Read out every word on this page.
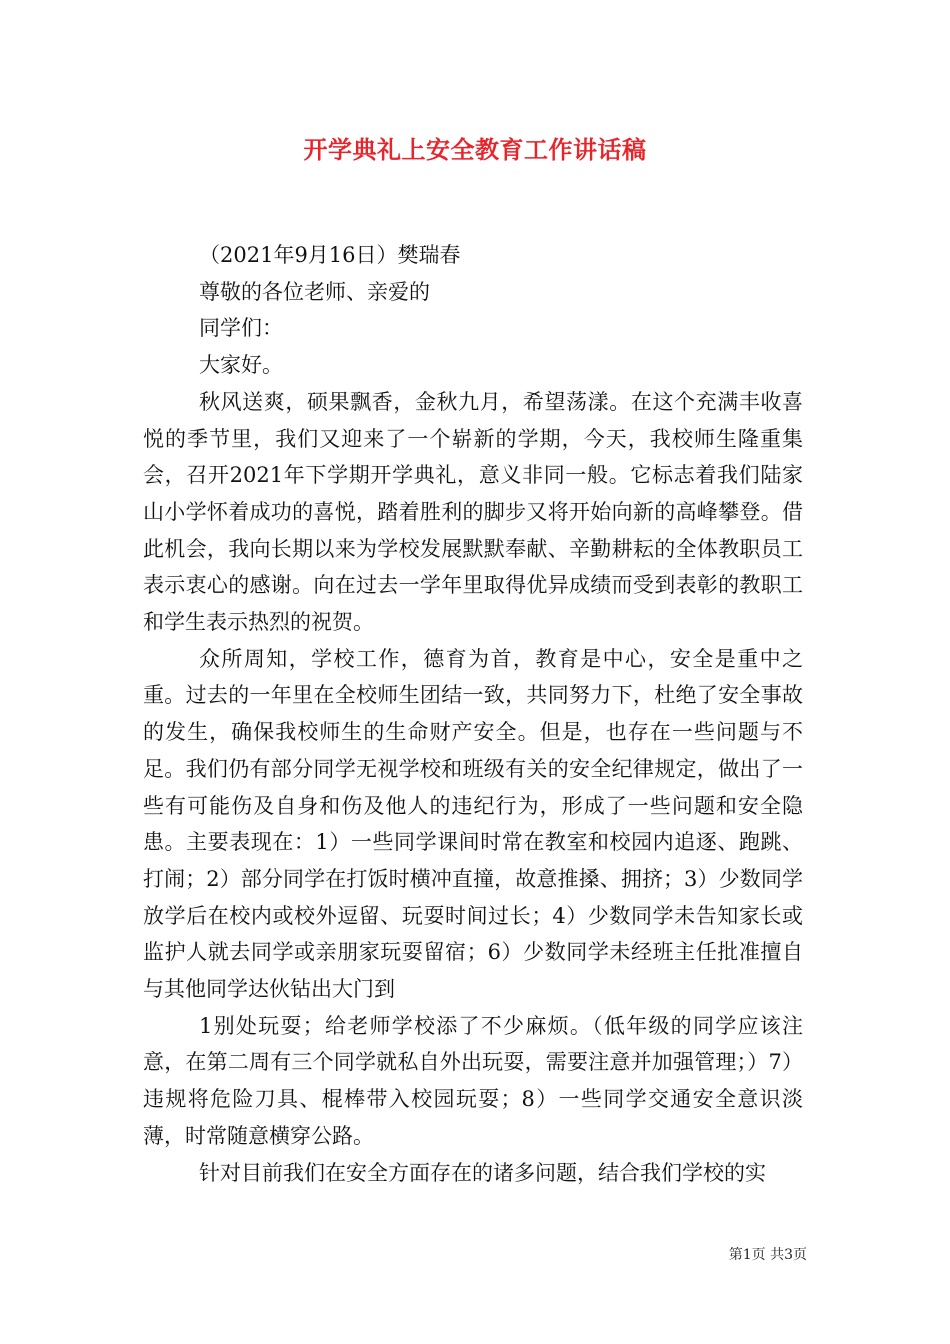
开学典礼上安全教育工作讲话稿

（2021年9月16日）樊瑞春

尊敬的各位老师、亲爱的

同学们：

大家好。

秋风送爽，硕果飘香，金秋九月，希望荡漾。在这个充满丰收喜悦的季节里，我们又迎来了一个崭新的学期，今天，我校师生隆重集会，召开2021年下学期开学典礼，意义非同一般。它标志着我们陆家山小学怀着成功的喜悦，踏着胜利的脚步又将开始向新的高峰攀登。借此机会，我向长期以来为学校发展默默奉献、辛勤耕耘的全体教职员工表示衷心的感谢。向在过去一学年里取得优异成绩而受到表彰的教职工和学生表示热烈的祝贺。

众所周知，学校工作，德育为首，教育是中心，安全是重中之重。过去的一年里在全校师生团结一致，共同努力下，杜绝了安全事故的发生，确保我校师生的生命财产安全。但是，也存在一些问题与不足。我们仍有部分同学无视学校和班级有关的安全纪律规定，做出了一些有可能伤及自身和伤及他人的违纪行为，形成了一些问题和安全隐患。主要表现在：1）一些同学课间时常在教室和校园内追逐、跑跳、打闹；2）部分同学在打饭时横冲直撞，故意推搡、拥挤；3）少数同学放学后在校内或校外逗留、玩耍时间过长；4）少数同学未告知家长或监护人就去同学或亲朋家玩耍留宿；6）少数同学未经班主任批准擅自与其他同学达伙钻出大门到

1别处玩耍；给老师学校添了不少麻烦。（低年级的同学应该注意，在第二周有三个同学就私自外出玩耍，需要注意并加强管理；）7）违规将危险刀具、棍棒带入校园玩耍；8）一些同学交通安全意识淡薄，时常随意横穿公路。

针对目前我们在安全方面存在的诸多问题，结合我们学校的实

第1页 共3页
